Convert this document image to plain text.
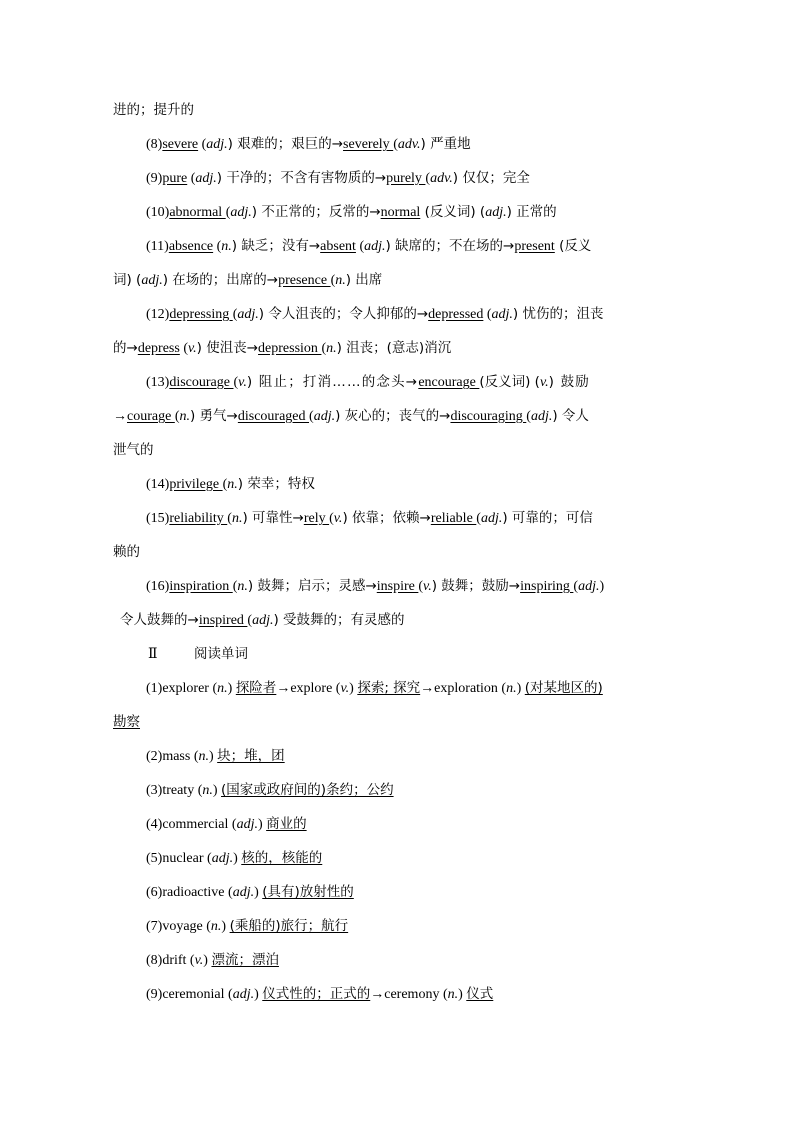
进的；提升的
(8)severe (adj.) 艰难的；艰巨的→severely (adv.) 严重地
(9)pure (adj.) 干净的；不含有害物质的→purely (adv.) 仅仅；完全
(10)abnormal (adj.) 不正常的；反常的→normal (反义词) (adj.) 正常的
(11)absence (n.) 缺乏；没有→absent (adj.) 缺席的；不在场的→present (反义
词) (adj.) 在场的；出席的→presence (n.) 出席
(12)depressing (adj.) 令人沮丧的；令人抑郁的→depressed (adj.) 忧伤的；沮丧
的→depress (v.) 使沮丧→depression (n.) 沮丧；(意志)消沉
(13)discourage (v.) 阻止；打消……的念头→encourage (反义词) (v.) 鼓励
→courage (n.) 勇气→discouraged (adj.) 灰心的；丧气的→discouraging (adj.) 令人
泄气的
(14)privilege (n.) 荣幸；特权
(15)reliability (n.) 可靠性→rely (v.) 依靠；依赖→reliable (adj.) 可靠的；可信
赖的
(16)inspiration (n.) 鼓舞；启示；灵感→inspire (v.) 鼓舞；鼓励→inspiring (adj.)
令人鼓舞的→inspired (adj.) 受鼓舞的；有灵感的
Ⅱ	阅读单词
(1)explorer (n.) 探险者→explore (v.) 探索; 探究→exploration (n.) (对某地区的)
勘察
(2)mass (n.) 块；堆，团
(3)treaty (n.) (国家或政府间的)条约；公约
(4)commercial (adj.) 商业的
(5)nuclear (adj.) 核的，核能的
(6)radioactive (adj.) (具有)放射性的
(7)voyage (n.) (乘船的)旅行；航行
(8)drift (v.) 漂流；漂泊
(9)ceremonial (adj.) 仪式性的；正式的→ceremony (n.) 仪式
